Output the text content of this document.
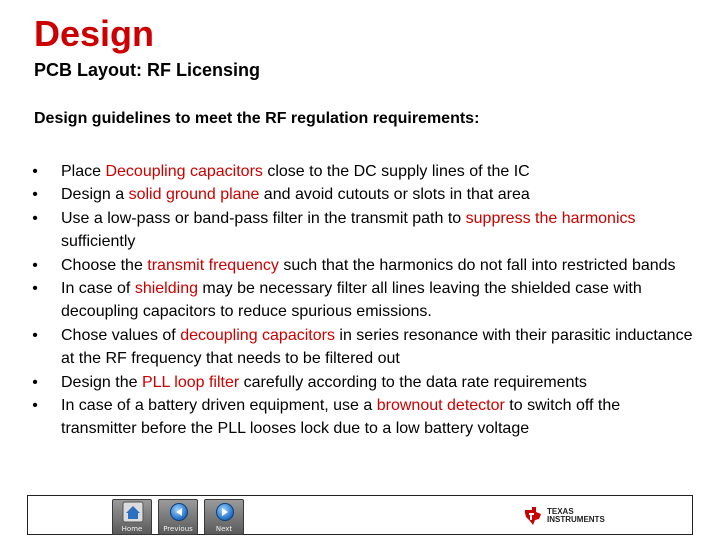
Design
PCB Layout: RF Licensing
Design guidelines to meet the RF regulation requirements:
• Place Decoupling capacitors close to the DC supply lines of the IC
• Design a solid ground plane and avoid cutouts or slots in that area
• Use a low-pass or band-pass filter in the transmit path to suppress the harmonics sufficiently
• Choose the transmit frequency such that the harmonics do not fall into restricted bands
• In case of shielding may be necessary filter all lines leaving the shielded case with decoupling capacitors to reduce spurious emissions.
• Chose values of decoupling capacitors in series resonance with their parasitic inductance at the RF frequency that needs to be filtered out
• Design the PLL loop filter carefully according to the data rate requirements
• In case of a battery driven equipment, use a brownout detector to switch off the transmitter before the PLL looses lock due to a low battery voltage
Home	Previous	Next
TEXAS
INSTRUMENTS
